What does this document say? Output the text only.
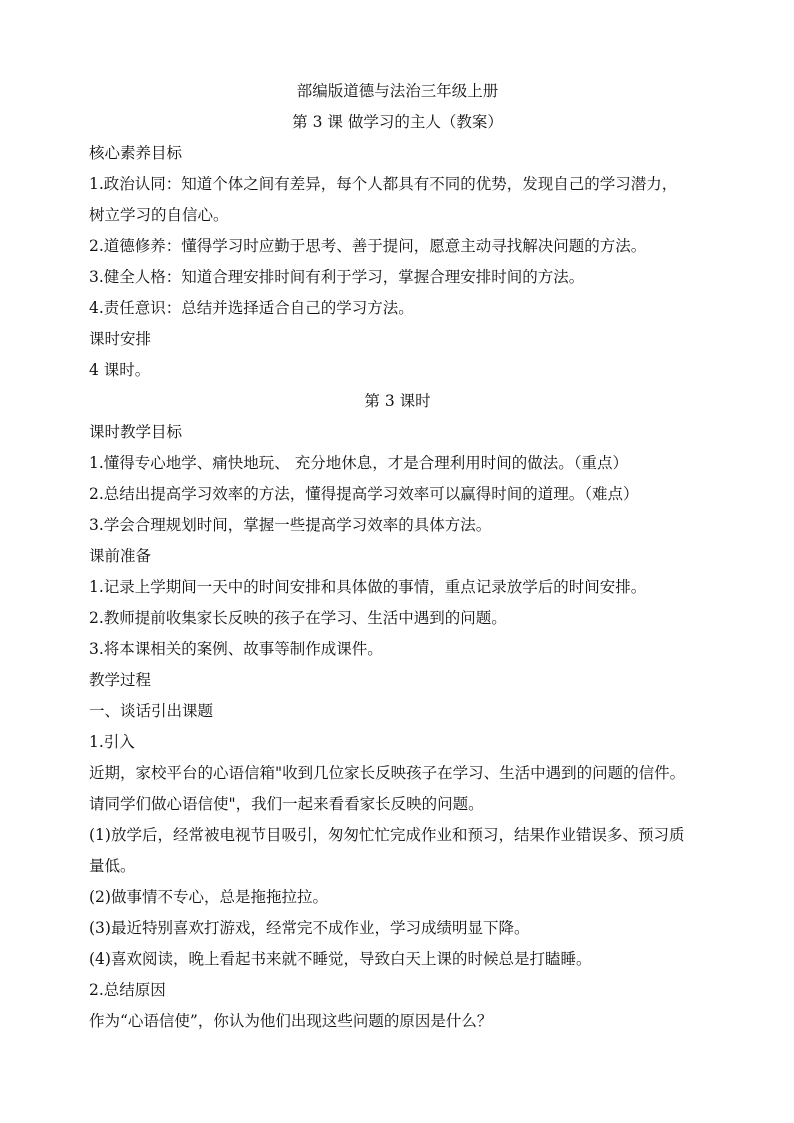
部编版道德与法治三年级上册
第 3 课 做学习的主人（教案）
核心素养目标
1.政治认同：知道个体之间有差异，每个人都具有不同的优势，发现自己的学习潜力，
树立学习的自信心。
2.道德修养：懂得学习时应勤于思考、善于提问，愿意主动寻找解决问题的方法。
3.健全人格：知道合理安排时间有利于学习，掌握合理安排时间的方法。
4.责任意识：总结并选择适合自己的学习方法。
课时安排
4 课时。
第 3 课时
课时教学目标
1.懂得专心地学、痛快地玩、 充分地休息，才是合理利用时间的做法。（重点）
2.总结出提高学习效率的方法，懂得提高学习效率可以赢得时间的道理。（难点）
3.学会合理规划时间，掌握一些提高学习效率的具体方法。
课前准备
1.记录上学期间一天中的时间安排和具体做的事情，重点记录放学后的时间安排。
2.教师提前收集家长反映的孩子在学习、生活中遇到的问题。
3.将本课相关的案例、故事等制作成课件。
教学过程
一、谈话引出课题
1.引入
近期，家校平台的心语信箱"收到几位家长反映孩子在学习、生活中遇到的问题的信件。
请同学们做心语信使"，我们一起来看看家长反映的问题。
(1)放学后，经常被电视节目吸引，匆匆忙忙完成作业和预习，结果作业错误多、预习质
量低。
(2)做事情不专心，总是拖拖拉拉。
(3)最近特别喜欢打游戏，经常完不成作业，学习成绩明显下降。
(4)喜欢阅读，晚上看起书来就不睡觉，导致白天上课的时候总是打瞌睡。
2.总结原因
作为“心语信使”，你认为他们出现这些问题的原因是什么？
